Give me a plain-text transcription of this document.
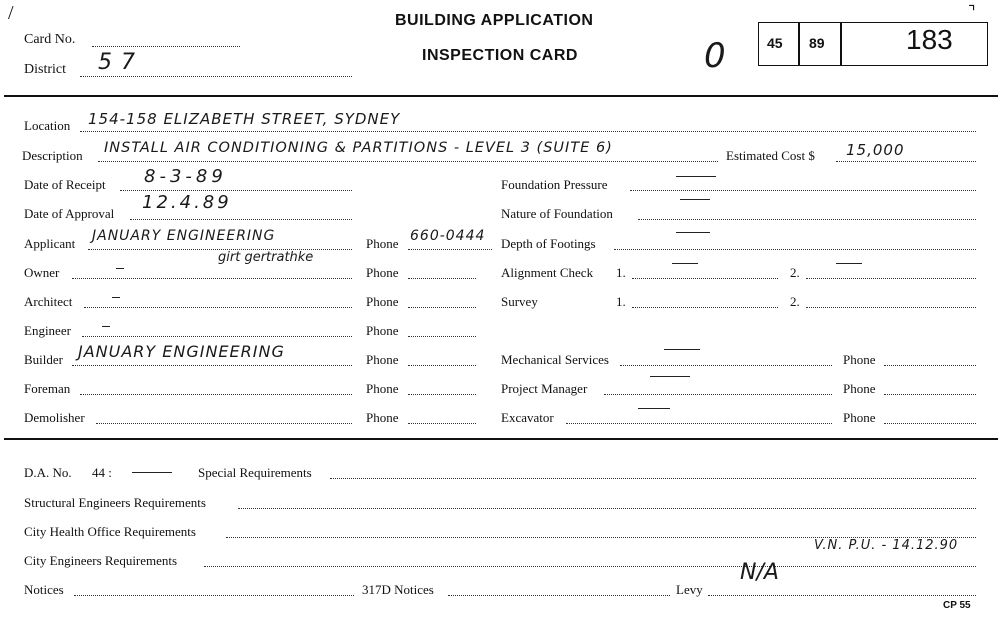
/	⌝
Card No.
District 5 7
BUILDING APPLICATION
INSPECTION CARD	0	45 89	183
Location 154-158 ELIZABETH STREET, SYDNEY
Description INSTALL AIR CONDITIONING & PARTITIONS - LEVEL 3 (SUITE 6)	Estimated Cost $ 15,000
Date of Receipt 8-3-89
Date of Approval
12.4.89
Applicant JANUARY ENGINEERING	Phone 660-0444
girt gertrathke
Owner	Phone
Architect	Phone
Engineer	Phone
Builder JANUARY ENGINEERING	Phone
Foreman	Phone
Demolisher	Phone
Foundation Pressure
Nature of Foundation
Depth of Footings
Alignment Check 1.	2.
Survey	1.	2.
Mechanical Services	Phone
Project Manager	Phone
Excavator	Phone
D.A. No. 44 :	Special Requirements
Structural Engineers Requirements
City Health Office Requirements
City Engineers Requirements
V.N. P.U. - 14.12.90
Notices	317D Notices	Levy
N/A
CP 55
